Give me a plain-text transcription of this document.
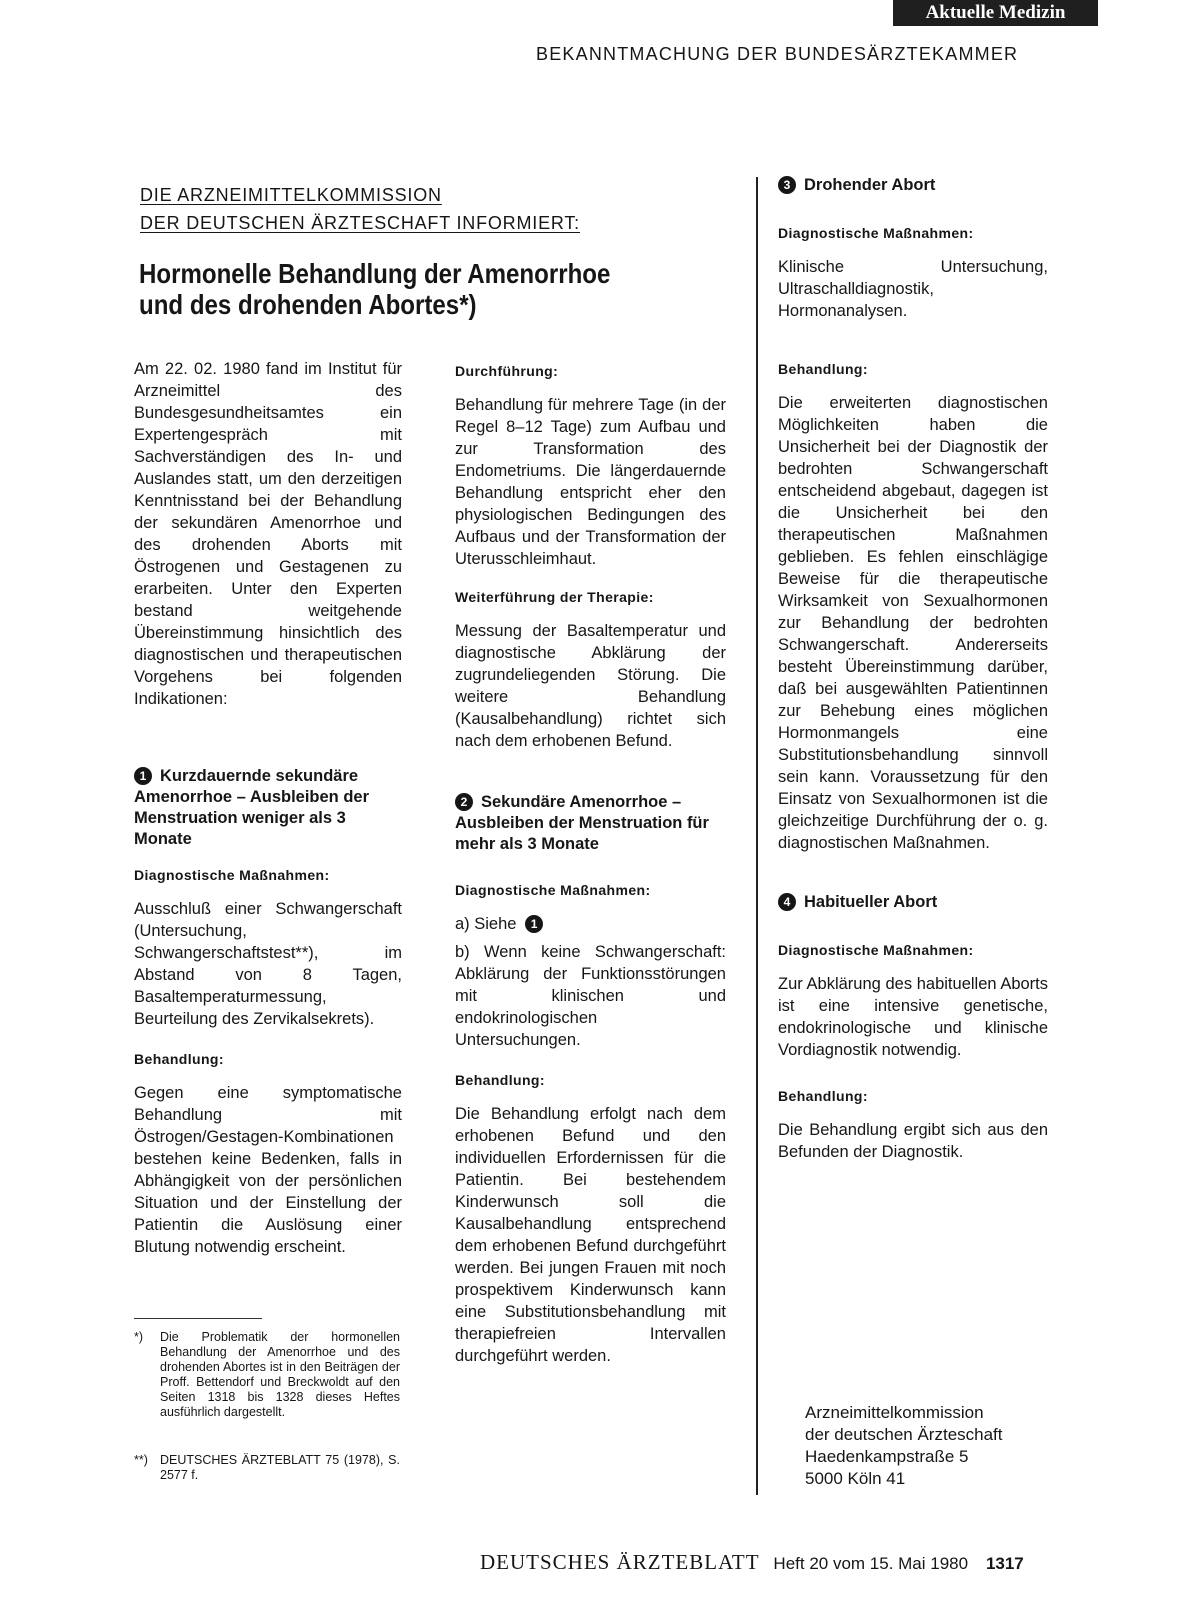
Aktuelle Medizin
BEKANNTMACHUNG DER BUNDESÄRZTEKAMMER
DIE ARZNEIMITTELKOMMISSION
DER DEUTSCHEN ÄRZTESCHAFT INFORMIERT:
Hormonelle Behandlung der Amenorrhoe und des drohenden Abortes*)

Am 22. 02. 1980 fand im Institut für Arzneimittel des Bundesgesundheitsamtes ein Expertengespräch mit Sachverständigen des In- und Auslandes statt, um den derzeitigen Kenntnisstand bei der Behandlung der sekundären Amenorrhoe und des drohenden Aborts mit Östrogenen und Gestagenen zu erarbeiten. Unter den Experten bestand weitgehende Übereinstimmung hinsichtlich des diagnostischen und therapeutischen Vorgehens bei folgenden Indikationen:

1 Kurzdauernde sekundäre Amenorrhoe – Ausbleiben der Menstruation weniger als 3 Monate
Diagnostische Maßnahmen:

Ausschluß einer Schwangerschaft (Untersuchung, Schwangerschaftstest**), im Abstand von 8 Tagen, Basaltemperaturmessung, Beurteilung des Zervikalsekrets).

Behandlung:

Gegen eine symptomatische Behandlung mit Östrogen/Gestagen-Kombinationen bestehen keine Bedenken, falls in Abhängigkeit von der persönlichen Situation und der Einstellung der Patientin die Auslösung einer Blutung notwendig erscheint.

*) Die Problematik der hormonellen Behandlung der Amenorrhoe und des drohenden Abortes ist in den Beiträgen der Proff. Bettendorf und Breckwoldt auf den Seiten 1318 bis 1328 dieses Heftes ausführlich dargestellt.
**) DEUTSCHES ÄRZTEBLATT 75 (1978), S. 2577 f.
Durchführung:

Behandlung für mehrere Tage (in der Regel 8–12 Tage) zum Aufbau und zur Transformation des Endometriums. Die längerdauernde Behandlung entspricht eher den physiologischen Bedingungen des Aufbaus und der Transformation der Uterusschleimhaut.

Weiterführung der Therapie:

Messung der Basaltemperatur und diagnostische Abklärung der zugrundeliegenden Störung. Die weitere Behandlung (Kausalbehandlung) richtet sich nach dem erhobenen Befund.

2 Sekundäre Amenorrhoe – Ausbleiben der Menstruation für mehr als 3 Monate
Diagnostische Maßnahmen:

a) Siehe 1

b) Wenn keine Schwangerschaft: Abklärung der Funktionsstörungen mit klinischen und endokrinologischen Untersuchungen.

Behandlung:

Die Behandlung erfolgt nach dem erhobenen Befund und den individuellen Erfordernissen für die Patientin. Bei bestehendem Kinderwunsch soll die Kausalbehandlung entsprechend dem erhobenen Befund durchgeführt werden. Bei jungen Frauen mit noch prospektivem Kinderwunsch kann eine Substitutionsbehandlung mit therapiefreien Intervallen durchgeführt werden.

3 Drohender Abort
Diagnostische Maßnahmen:

Klinische Untersuchung, Ultraschalldiagnostik, Hormonanalysen.

Behandlung:

Die erweiterten diagnostischen Möglichkeiten haben die Unsicherheit bei der Diagnostik der bedrohten Schwangerschaft entscheidend abgebaut, dagegen ist die Unsicherheit bei den therapeutischen Maßnahmen geblieben. Es fehlen einschlägige Beweise für die therapeutische Wirksamkeit von Sexualhormonen zur Behandlung der bedrohten Schwangerschaft. Andererseits besteht Übereinstimmung darüber, daß bei ausgewählten Patientinnen zur Behebung eines möglichen Hormonmangels eine Substitutionsbehandlung sinnvoll sein kann. Voraussetzung für den Einsatz von Sexualhormonen ist die gleichzeitige Durchführung der o. g. diagnostischen Maßnahmen.

4 Habitueller Abort
Diagnostische Maßnahmen:

Zur Abklärung des habituellen Aborts ist eine intensive genetische, endokrinologische und klinische Vordiagnostik notwendig.

Behandlung:

Die Behandlung ergibt sich aus den Befunden der Diagnostik.

Arzneimittelkommission
der deutschen Ärzteschaft
Haedenkampstraße 5
5000 Köln 41
DEUTSCHES ÄRZTEBLATT Heft 20 vom 15. Mai 1980 1317
